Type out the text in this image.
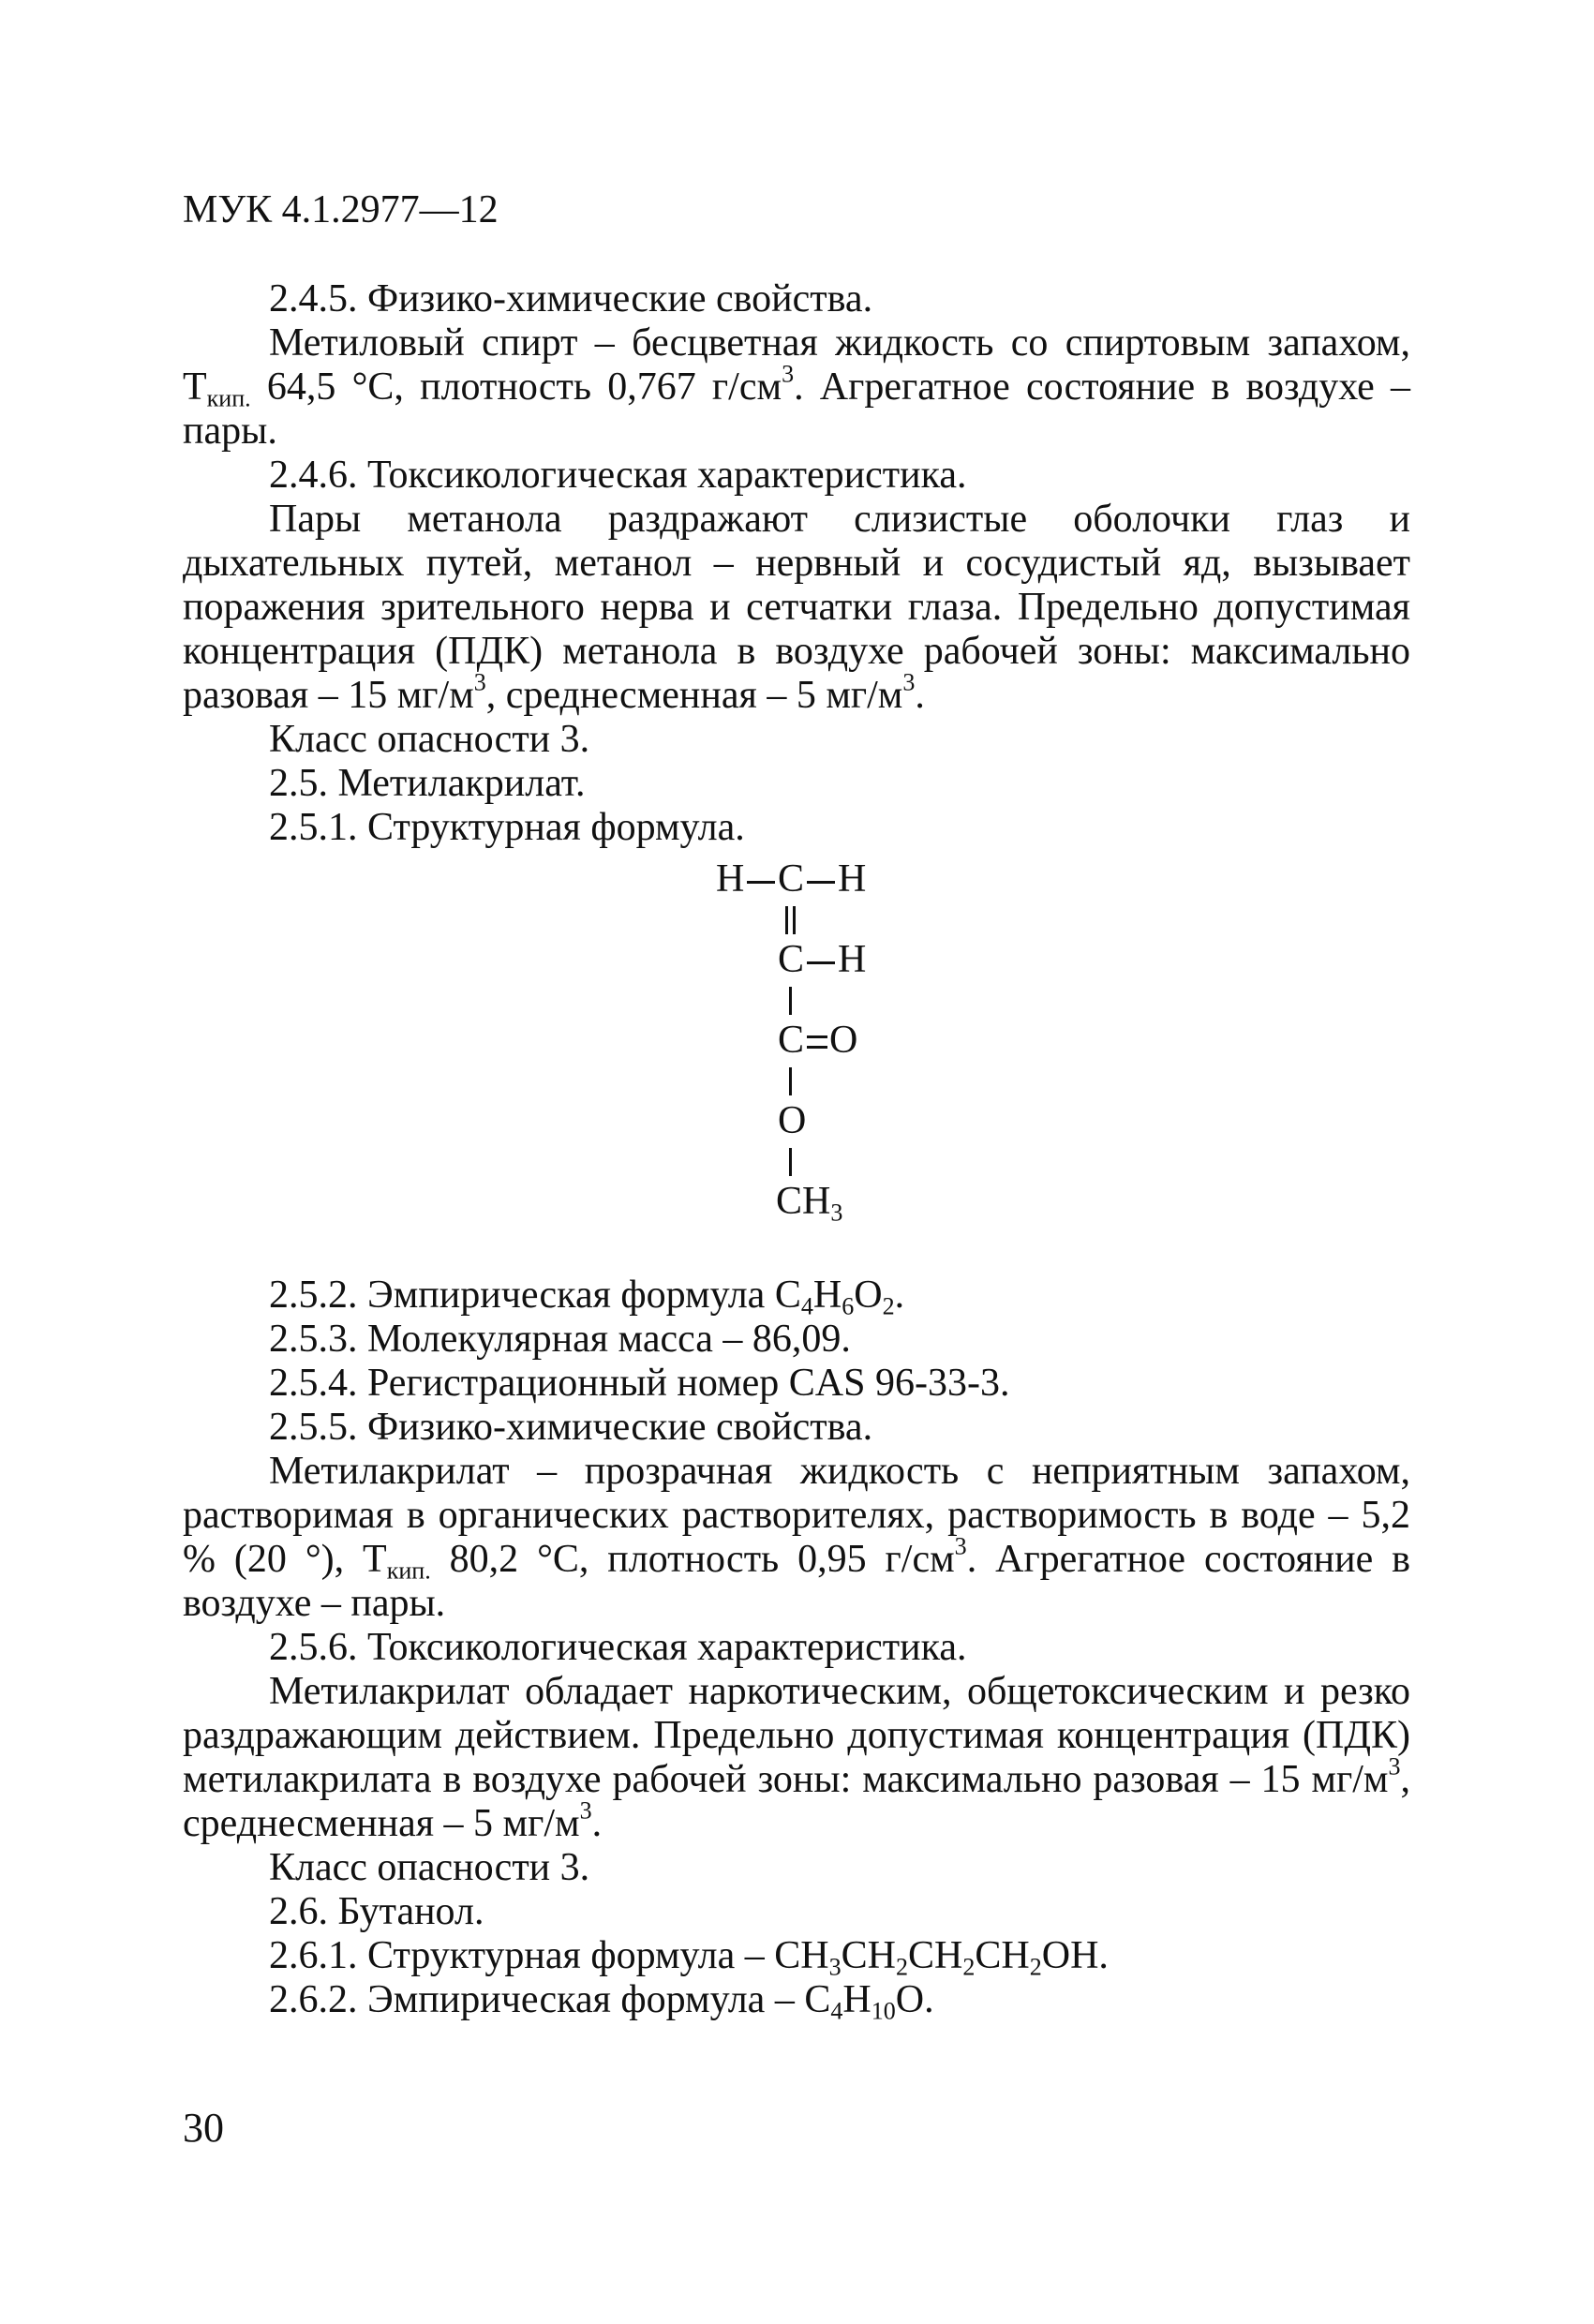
МУК 4.1.2977—12

2.4.5. Физико-химические свойства.

Метиловый спирт – бесцветная жидкость со спиртовым запахом, $Т_{кип.}$ 64,5 °С, плотность 0,767 $г/см^3$. Агрегатное состояние в воздухе – пары.

2.4.6. Токсикологическая характеристика.

Пары метанола раздражают слизистые оболочки глаз и дыхательных путей, метанол – нервный и сосудистый яд, вызывает поражения зрительного нерва и сетчатки глаза. Предельно допустимая концентрация (ПДК) метанола в воздухе рабочей зоны: максимально разовая – 15 $мг/м^3$, среднесменная – 5 $мг/м^3$.

Класс опасности 3.

2.5. Метилакрилат.

2.5.1. Структурная формула.

H C H
C H
C O
O
$CH_3$

2.5.2. Эмпирическая формула $C_4H_6O_2$.

2.5.3. Молекулярная масса – 86,09.

2.5.4. Регистрационный номер CAS 96-33-3.

2.5.5. Физико-химические свойства.

Метилакрилат – прозрачная жидкость с неприятным запахом, растворимая в органических растворителях, растворимость в воде – 5,2 % (20 °), $Т_{кип.}$ 80,2 °С, плотность 0,95 $г/см^3$. Агрегатное состояние в воздухе – пары.

2.5.6. Токсикологическая характеристика.

Метилакрилат обладает наркотическим, общетоксическим и резко раздражающим действием. Предельно допустимая концентрация (ПДК) метилакрилата в воздухе рабочей зоны: максимально разовая – 15 $мг/м^3$, среднесменная – 5 $мг/м^3$.

Класс опасности 3.

2.6. Бутанол.

2.6.1. Структурная формула – $CH_3CH_2CH_2CH_2OH$.

2.6.2. Эмпирическая формула – $C_4H_{10}O$.

30
